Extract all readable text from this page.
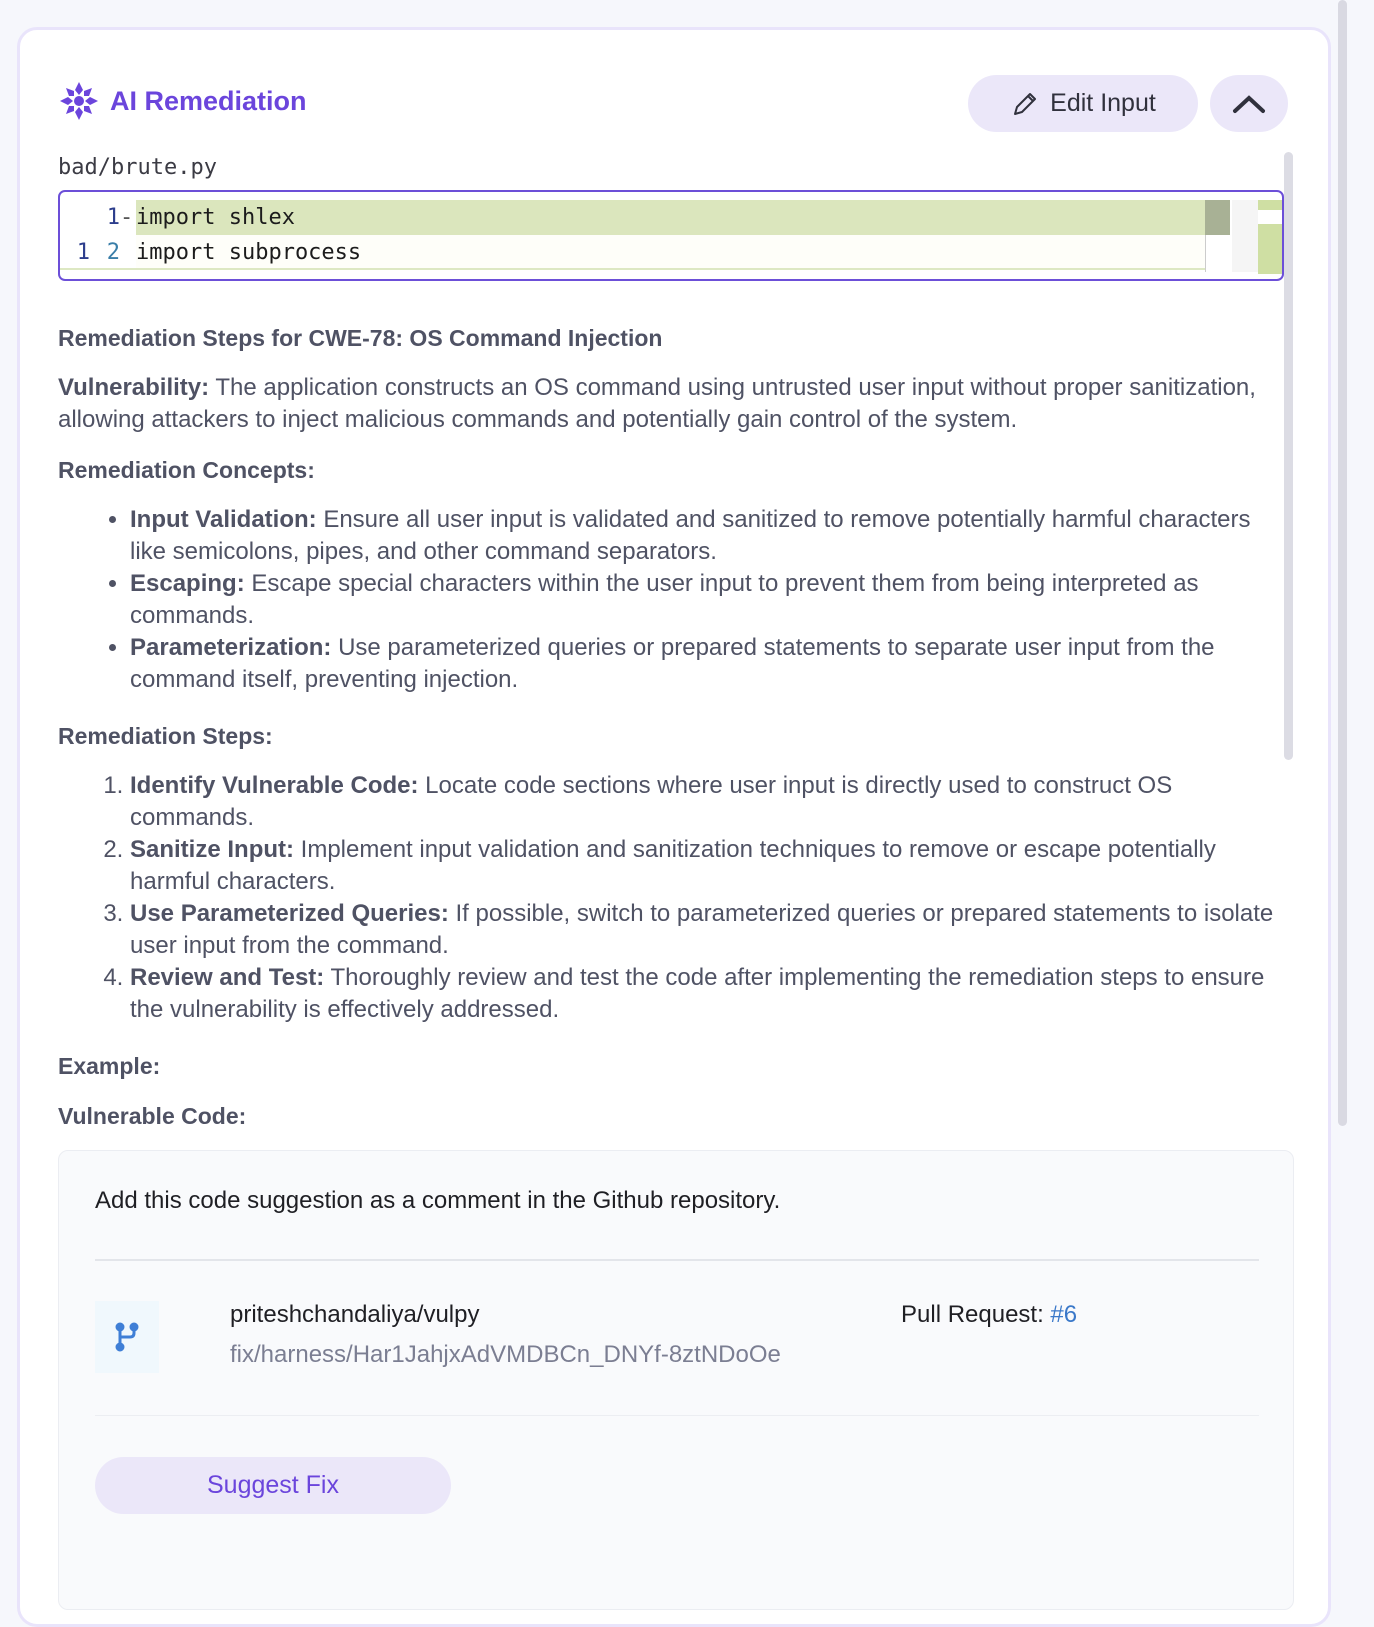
AI Remediation	Edit Input
bad/brute.py
1 - import shlex
1 2 import subprocess
Remediation Steps for CWE-78: OS Command Injection

Vulnerability: The application constructs an OS command using untrusted user input without proper sanitization, allowing attackers to inject malicious commands and potentially gain control of the system.

Remediation Concepts:
• Input Validation: Ensure all user input is validated and sanitized to remove potentially harmful characters like semicolons, pipes, and other command separators.
• Escaping: Escape special characters within the user input to prevent them from being interpreted as commands.
• Parameterization: Use parameterized queries or prepared statements to separate user input from the command itself, preventing injection.
Remediation Steps:
1. Identify Vulnerable Code: Locate code sections where user input is directly used to construct OS commands.
2. Sanitize Input: Implement input validation and sanitization techniques to remove or escape potentially harmful characters.
3. Use Parameterized Queries: If possible, switch to parameterized queries or prepared statements to isolate user input from the command.
4. Review and Test: Thoroughly review and test the code after implementing the remediation steps to ensure the vulnerability is effectively addressed.
Example:
Vulnerable Code:
Add this code suggestion as a comment in the Github repository.
priteshchandaliya/vulpy
fix/harness/Har1JahjxAdVMDBCn_DNYf-8ztNDoOe
Pull Request: #6
Suggest Fix
